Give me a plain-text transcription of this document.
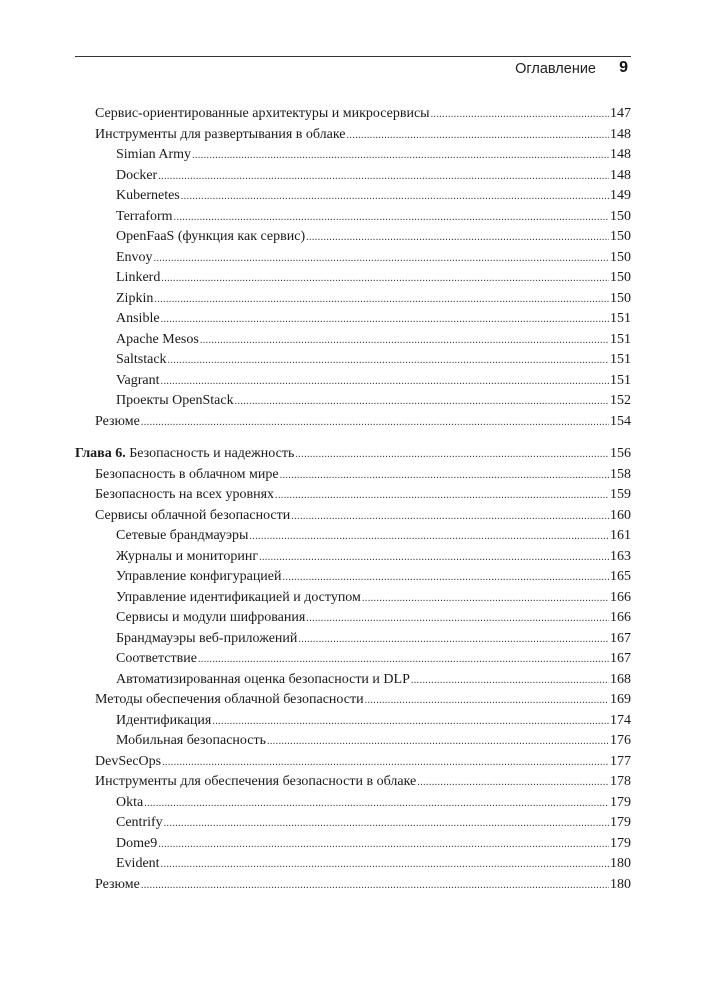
Оглавление 9
Сервис-ориентированные архитектуры и микросервисы .....	147
Инструменты для развертывания в облаке .....	148
Simian Army .....	148
Docker .....	148
Kubernetes .....	149
Terraform .....	150
OpenFaaS (функция как сервис) .....	150
Envoy .....	150
Linkerd .....	150
Zipkin .....	150
Ansible .....	151
Apache Mesos .....	151
Saltstack .....	151
Vagrant .....	151
Проекты OpenStack .....	152
Резюме .....	154
Глава 6. Безопасность и надежность .....	156
Безопасность в облачном мире .....	158
Безопасность на всех уровнях .....	159
Сервисы облачной безопасности .....	160
Сетевые брандмауэры .....	161
Журналы и мониторинг .....	163
Управление конфигурацией .....	165
Управление идентификацией и доступом .....	166
Сервисы и модули шифрования .....	166
Брандмауэры веб-приложений .....	167
Соответствие .....	167
Автоматизированная оценка безопасности и DLP .....	168
Методы обеспечения облачной безопасности .....	169
Идентификация .....	174
Мобильная безопасность .....	176
DevSecOps .....	177
Инструменты для обеспечения безопасности в облаке .....	178
Okta .....	179
Centrify .....	179
Dome9 .....	179
Evident .....	180
Резюме .....	180
